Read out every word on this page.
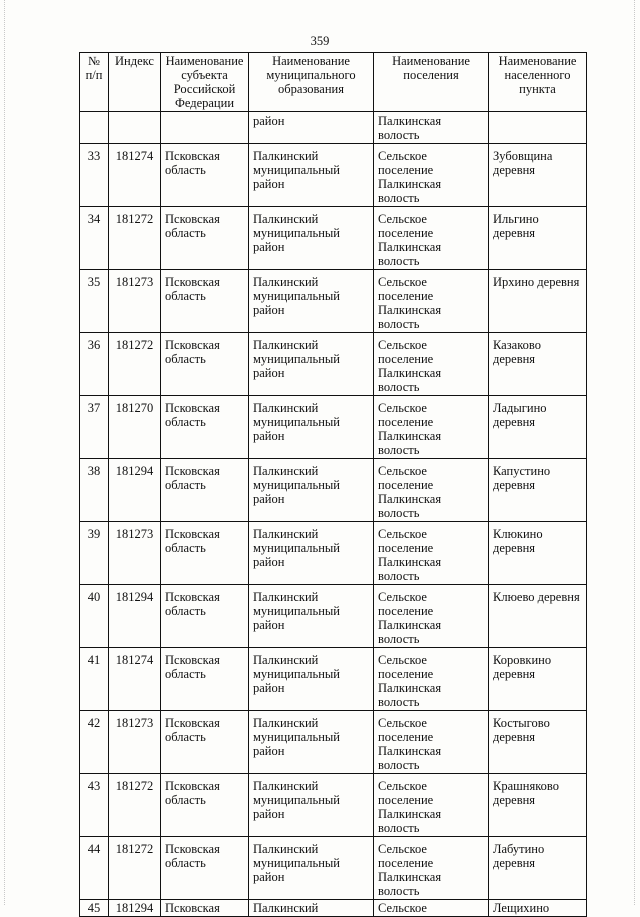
359
№ п/п	Индекс	Наименование субъекта Российской Федерации	Наименование муниципального образования	Наименование поселения	Наименование населенного пункта
			район	Палкинская волость	
33	181274	Псковская область	Палкинский муниципальный район	Сельское поселение Палкинская волость	Зубовщина деревня
34	181272	Псковская область	Палкинский муниципальный район	Сельское поселение Палкинская волость	Ильгино деревня
35	181273	Псковская область	Палкинский муниципальный район	Сельское поселение Палкинская волость	Ирхино деревня
36	181272	Псковская область	Палкинский муниципальный район	Сельское поселение Палкинская волость	Казаково деревня
37	181270	Псковская область	Палкинский муниципальный район	Сельское поселение Палкинская волость	Ладыгино деревня
38	181294	Псковская область	Палкинский муниципальный район	Сельское поселение Палкинская волость	Капустино деревня
39	181273	Псковская область	Палкинский муниципальный район	Сельское поселение Палкинская волость	Клюкино деревня
40	181294	Псковская область	Палкинский муниципальный район	Сельское поселение Палкинская волость	Клюево деревня
41	181274	Псковская область	Палкинский муниципальный район	Сельское поселение Палкинская волость	Коровкино деревня
42	181273	Псковская область	Палкинский муниципальный район	Сельское поселение Палкинская волость	Костыгово деревня
43	181272	Псковская область	Палкинский муниципальный район	Сельское поселение Палкинская волость	Крашняково деревня
44	181272	Псковская область	Палкинский муниципальный район	Сельское поселение Палкинская волость	Лабутино деревня
45	181294	Псковская	Палкинский	Сельское	Лещихино
